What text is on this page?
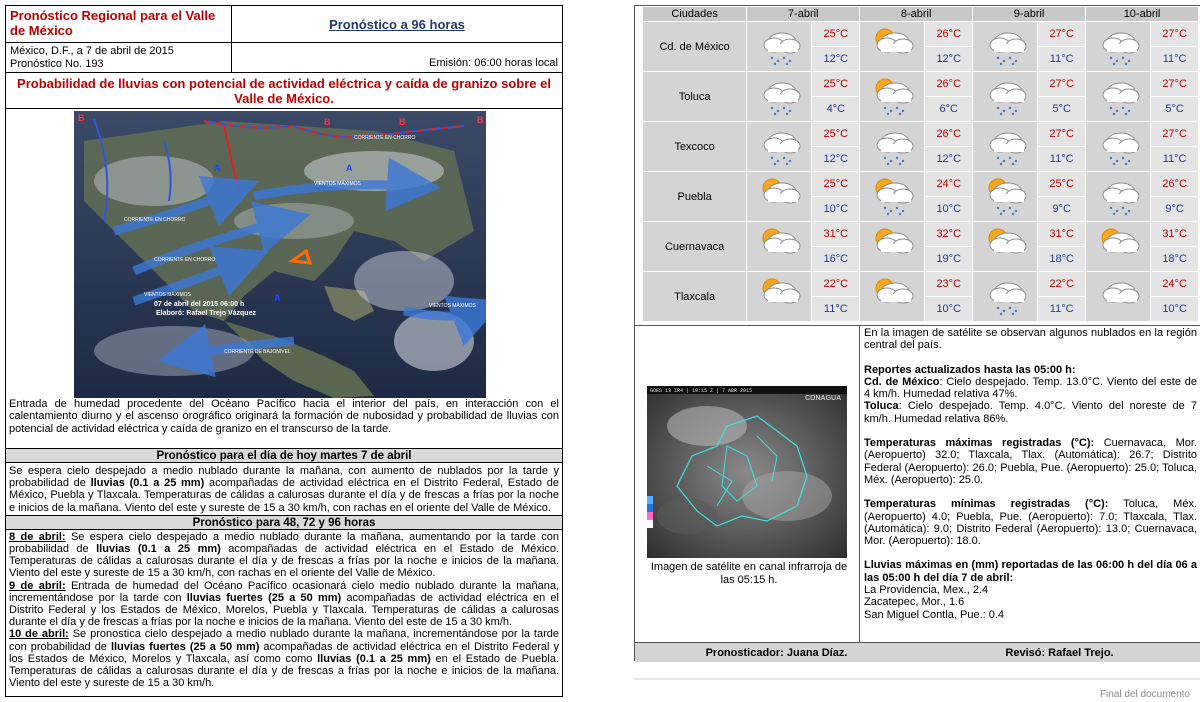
Pronóstico Regional para el Valle de México	Pronóstico a 96 horas
México, D.F., a 7 de abril de 2015
Pronóstico No. 193	Emisión: 06:00 horas local
Probabilidad de lluvias con potencial de actividad eléctrica y caída de granizo sobre el Valle de México.
B	B	B	B
A	A
A
CORRIENTE EN CHORRO
CORRIENTE EN CHORRO
CORRIENTE EN CHORRO
VIENTOS MÁXIMOS
VIENTOS MÁXIMOS
VIENTOS MÁXIMOS
CORRIENTE DE BAJONIVEL
07 de abril del 2015 06:00 h
Elaboró: Rafael Trejo Vázquez
Entrada de humedad procedente del Océano Pacífico hacia el interior del país, en interacción con el calentamiento diurno y el ascenso orográfico originará la formación de nubosidad y probabilidad de lluvias con potencial de actividad eléctrica y caída de granizo en el transcurso de la tarde.
Pronóstico para el día de hoy martes 7 de abril
Se espera cielo despejado a medio nublado durante la mañana, con aumento de nublados por la tarde y probabilidad de lluvias (0.1 a 25 mm) acompañadas de actividad eléctrica en el Distrito Federal, Estado de México, Puebla y Tlaxcala. Temperaturas de cálidas a calurosas durante el día y de frescas a frías por la noche e inicios de la mañana. Viento del este y sureste de 15 a 30 km/h, con rachas en el oriente del Valle de México.
Pronóstico para 48, 72 y 96 horas
8 de abril: Se espera cielo despejado a medio nublado durante la mañana, aumentando por la tarde con probabilidad de lluvias (0.1 a 25 mm) acompañadas de actividad eléctrica en el Estado de México. Temperaturas de cálidas a calurosas durante el día y de frescas a frías por la noche e inicios de la mañana. Viento del este y sureste de 15 a 30 km/h, con rachas en el oriente del Valle de México.
9 de abril: Entrada de humedad del Océano Pacífico ocasionará cielo medio nublado durante la mañana, incrementándose por la tarde con lluvias fuertes (25 a 50 mm) acompañadas de actividad eléctrica en el Distrito Federal y los Estados de México, Morelos, Puebla y Tlaxcala. Temperaturas de cálidas a calurosas durante el día y de frescas a frías por la noche e inicios de la mañana. Viento del este de 15 a 30 km/h.
10 de abril: Se pronostica cielo despejado a medio nublado durante la mañana, incrementándose por la tarde con probabilidad de lluvias fuertes (25 a 50 mm) acompañadas de actividad eléctrica en el Distrito Federal y los Estados de México, Morelos y Tlaxcala, así como como lluvias (0.1 a 25 mm) en el Estado de Puebla. Temperaturas de cálidas a calurosas durante el día y de frescas a frías por la noche e inicios de la mañana. Viento del este y sureste de 15 a 30 km/h.
Ciudades	7-abril		8-abril		9-abril		10-abril	
Cd. de México		25°C		26°C		27°C		27°C
		12°C		12°C		11°C		11°C
Toluca		25°C		26°C		27°C		27°C
		4°C		6°C		5°C		5°C
Texcoco		25°C		26°C		27°C		27°C
		12°C		12°C		11°C		11°C
Puebla		25°C		24°C		25°C		26°C
		10°C		10°C		9°C		9°C
Cuernavaca		31°C		32°C		31°C		31°C
		16°C		19°C		18°C		18°C
Tlaxcala		22°C		23°C		22°C		24°C
		11°C		10°C		11°C		10°C
GOES 13 IR4 | 10:15 Z | 7 ABR 2015
CONAGUA
Imagen de satélite en canal infrarroja de las 05:15 h.

En la imagen de satélite se observan algunos nublados en la región central del país.

Reportes actualizados hasta las 05:00 h:
Cd. de México: Cielo despejado. Temp. 13.0°C. Viento del este de 4 km/h. Humedad relativa 47%.
Toluca: Cielo despejado. Temp. 4.0°C. Viento del noreste de 7 km/h. Humedad relativa 86%.

Temperaturas máximas registradas (°C): Cuernavaca, Mor. (Aeropuerto) 32.0; Tlaxcala, Tlax. (Automática): 26.7; Distrito Federal (Aeropuerto): 26.0; Puebla, Pue. (Aeropuerto): 25.0; Toluca, Méx. (Aeropuerto): 25.0.

Temperaturas mínimas registradas (°C): Toluca, Méx. (Aeropuerto) 4.0; Puebla, Pue. (Aeropuerto): 7.0; Tlaxcala, Tlax. (Automática): 9.0; Distrito Federal (Aeropuerto): 13.0; Cuernavaca, Mor. (Aeropuerto): 18.0.

Lluvias máximas en (mm) reportadas de las 06:00 h del día 06 a las 05:00 h del día 7 de abril:
La Providencia, Mex., 2.4
Zacatepec, Mor., 1.6
San Miguel Contla, Pue.: 0.4
Pronosticador: Juana Díaz.	Revisó: Rafael Trejo.
Final del documento
